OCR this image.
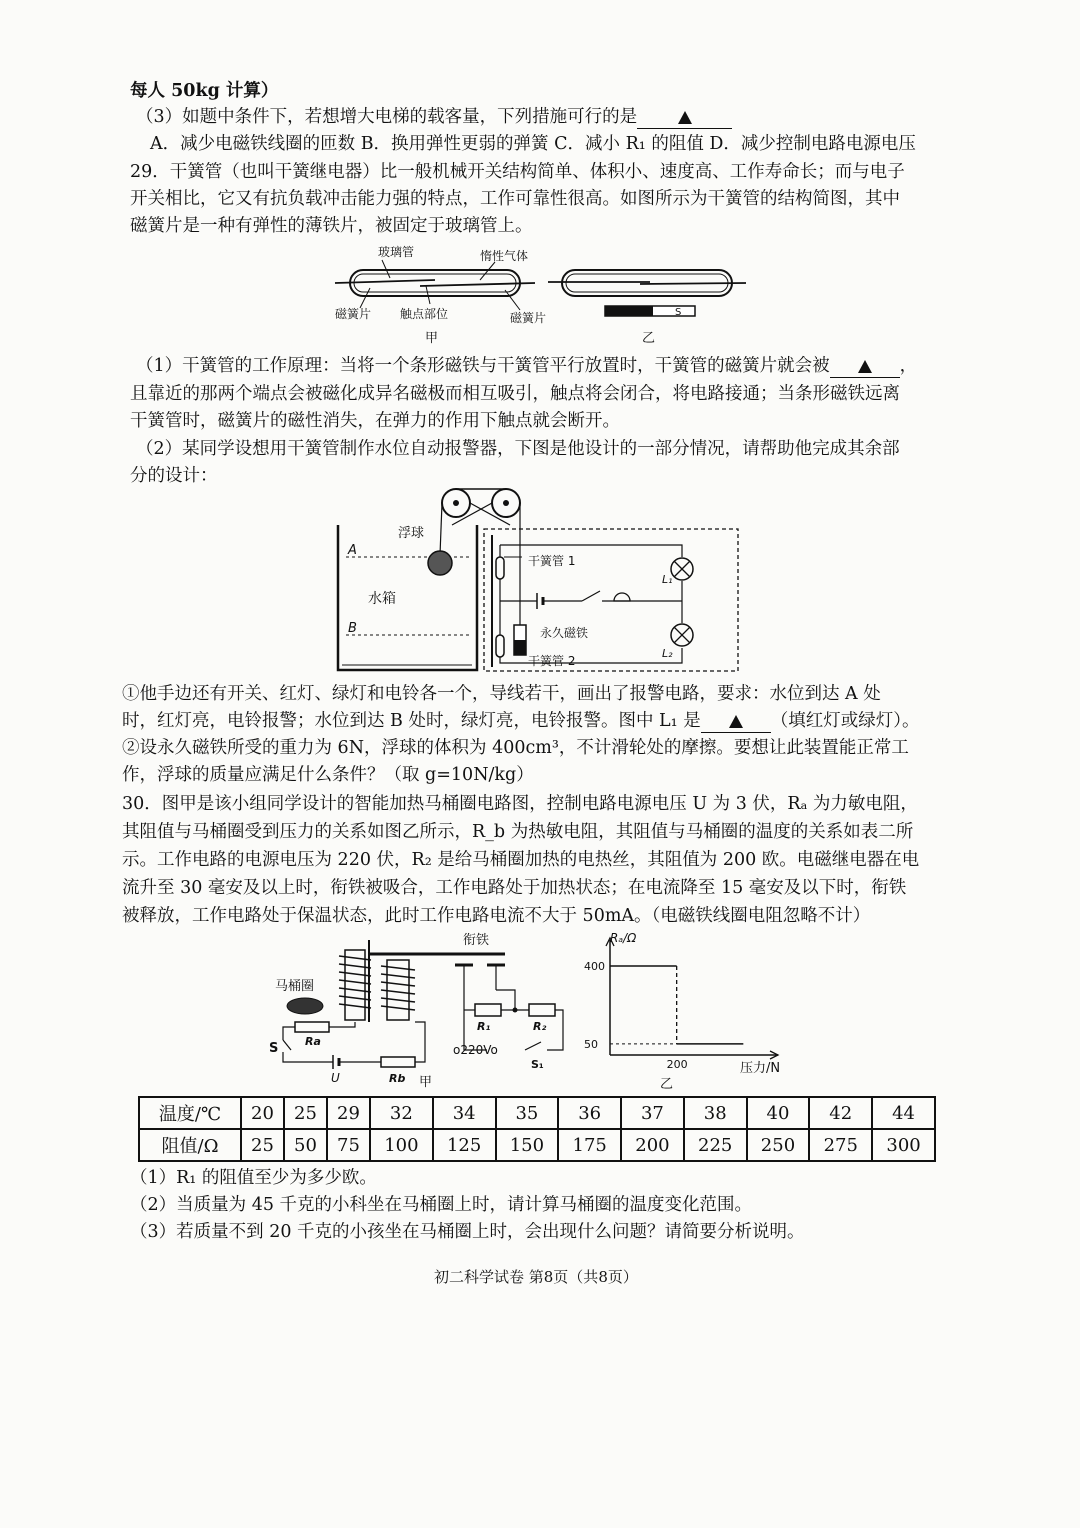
每人 50kg 计算）
（3）如题中条件下，若想增大电梯的载客量，下列措施可行的是
A．减少电磁铁线圈的匝数 B．换用弹性更弱的弹簧 C．减小 R₁ 的阻值 D．减少控制电路电源电压
29．干簧管（也叫干簧继电器）比一般机械开关结构简单、体积小、速度高、工作寿命长；而与电子
开关相比，它又有抗负载冲击能力强的特点，工作可靠性很高。如图所示为干簧管的结构简图，其中
磁簧片是一种有弹性的薄铁片，被固定于玻璃管上。
玻璃管	惰性气体
磁簧片 触点部位	磁簧片
甲
S
乙
（1）干簧管的工作原理：当将一个条形磁铁与干簧管平行放置时，干簧管的磁簧片就会被	，
且靠近的那两个端点会被磁化成异名磁极而相互吸引，触点将会闭合，将电路接通；当条形磁铁远离
干簧管时，磁簧片的磁性消失，在弹力的作用下触点就会断开。
（2）某同学设想用干簧管制作水位自动报警器，下图是他设计的一部分情况，请帮助他完成其余部
分的设计：
A
B
水箱
浮球
干簧管 1
干簧管 2
永久磁铁
L₁
L₂
①他手边还有开关、红灯、绿灯和电铃各一个，导线若干，画出了报警电路，要求：水位到达 A 处
时，红灯亮，电铃报警；水位到达 B 处时，绿灯亮，电铃报警。图中 L₁ 是	（填红灯或绿灯）。
②设永久磁铁所受的重力为 6N，浮球的体积为 400cm³，不计滑轮处的摩擦。要想让此装置能正常工
作，浮球的质量应满足什么条件？（取 g=10N/kg）
30．图甲是该小组同学设计的智能加热马桶圈电路图，控制电路电源电压 U 为 3 伏，Rₐ 为力敏电阻，
其阻值与马桶圈受到压力的关系如图乙所示，R_b 为热敏电阻，其阻值与马桶圈的温度的关系如表二所
示。工作电路的电源电压为 220 伏，R₂ 是给马桶圈加热的电热丝，其阻值为 200 欧。电磁继电器在电
流升至 30 毫安及以上时，衔铁被吸合，工作电路处于加热状态；在电流降至 15 毫安及以下时，衔铁
被释放，工作电路处于保温状态，此时工作电路电流不大于 50mA。（电磁铁线圈电阻忽略不计）
衔铁
马桶圈
Ra
S
U	Rb 甲
R₁	R₂
o220Vo
S₁
400
50
200
Rₐ/Ω
压力/N
乙
温度/℃	20	25	29	32	34	35	36	37	38	40	42	44
阻值/Ω	25	50	75	100	125	150	175	200	225	250	275	300
（1）R₁ 的阻值至少为多少欧。
（2）当质量为 45 千克的小科坐在马桶圈上时，请计算马桶圈的温度变化范围。
（3）若质量不到 20 千克的小孩坐在马桶圈上时，会出现什么问题？请简要分析说明。
初二科学试卷 第8页（共8页）
